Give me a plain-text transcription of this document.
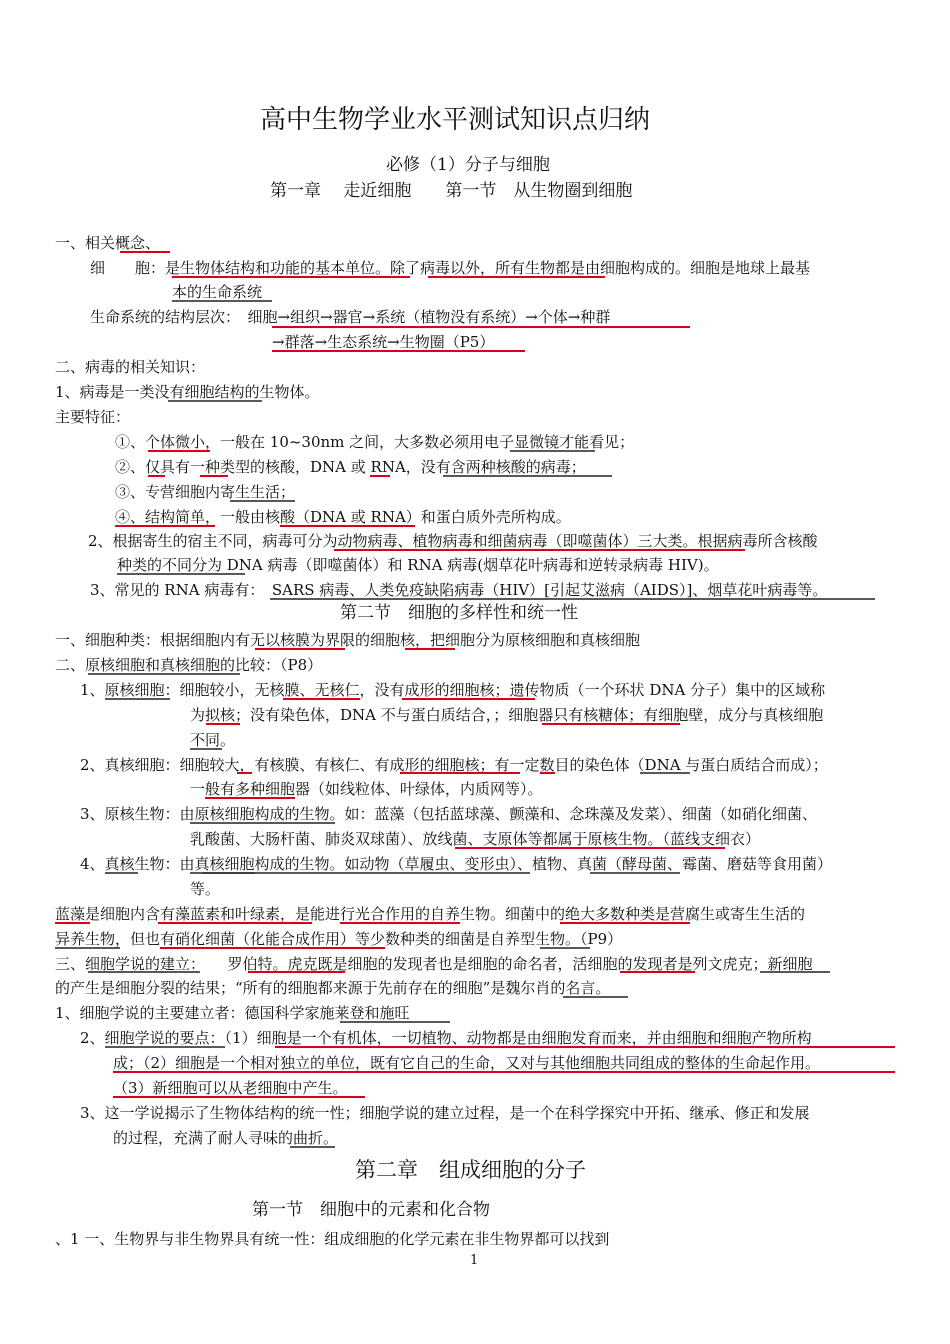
高中生物学业水平测试知识点归纳
必修（1）分子与细胞
第一章　 走近细胞　　第一节　从生物圈到细胞
一、相关概念、
细　　胞：是生物体结构和功能的基本单位。除了病毒以外，所有生物都是由细胞构成的。细胞是地球上最基
本的生命系统
生命系统的结构层次：　细胞→组织→器官→系统（植物没有系统）→个体→种群
→群落→生态系统→生物圈（P5）
二、病毒的相关知识：
1、病毒是一类没有细胞结构的生物体。
主要特征：
①、个体微小，一般在 10~30nm 之间，大多数必须用电子显微镜才能看见；
②、仅具有一种类型的核酸，DNA 或 RNA，没有含两种核酸的病毒；
③、专营细胞内寄生生活；
④、结构简单，一般由核酸（DNA 或 RNA）和蛋白质外壳所构成。
2、根据寄生的宿主不同，病毒可分为动物病毒、植物病毒和细菌病毒（即噬菌体）三大类。根据病毒所含核酸
种类的不同分为 DNA 病毒（即噬菌体）和 RNA 病毒(烟草花叶病毒和逆转录病毒 HIV)。
3、常见的 RNA 病毒有：　SARS 病毒、人类免疫缺陷病毒（HIV）[引起艾滋病（AIDS）]、烟草花叶病毒等。
第二节　细胞的多样性和统一性
一、细胞种类：根据细胞内有无以核膜为界限的细胞核，把细胞分为原核细胞和真核细胞
二、原核细胞和真核细胞的比较：（P8）
1、原核细胞：细胞较小，无核膜、无核仁，没有成形的细胞核；遗传物质（一个环状 DNA 分子）集中的区域称
为拟核；没有染色体，DNA 不与蛋白质结合，；细胞器只有核糖体；有细胞壁，成分与真核细胞
不同。
2、真核细胞：细胞较大，有核膜、有核仁、有成形的细胞核；有一定数目的染色体（DNA 与蛋白质结合而成）；
一般有多种细胞器（如线粒体、叶绿体，内质网等）。
3、原核生物：由原核细胞构成的生物。如：蓝藻（包括蓝球藻、颤藻和、念珠藻及发菜）、细菌（如硝化细菌、
乳酸菌、大肠杆菌、肺炎双球菌）、放线菌、支原体等都属于原核生物。（蓝线支细衣）
4、真核生物：由真核细胞构成的生物。如动物（草履虫、变形虫）、植物、真菌（酵母菌、霉菌、磨菇等食用菌）
等。
蓝藻是细胞内含有藻蓝素和叶绿素，是能进行光合作用的自养生物。细菌中的绝大多数种类是营腐生或寄生生活的
异养生物，但也有硝化细菌（化能合成作用）等少数种类的细菌是自养型生物。（P9）
三、细胞学说的建立：　　罗伯特。虎克既是细胞的发现者也是细胞的命名者，活细胞的发现者是列文虎克；新细胞
的产生是细胞分裂的结果；“所有的细胞都来源于先前存在的细胞”是魏尔肖的名言。
1、细胞学说的主要建立者：德国科学家施莱登和施旺
2、细胞学说的要点：（1）细胞是一个有机体，一切植物、动物都是由细胞发育而来，并由细胞和细胞产物所构
成；（2）细胞是一个相对独立的单位，既有它自己的生命，又对与其他细胞共同组成的整体的生命起作用。
（3）新细胞可以从老细胞中产生。
3、这一学说揭示了生物体结构的统一性；细胞学说的建立过程，是一个在科学探究中开拓、继承、修正和发展
的过程，充满了耐人寻味的曲折。
第二章　组成细胞的分子
第一节　细胞中的元素和化合物
、1 一、生物界与非生物界具有统一性：组成细胞的化学元素在非生物界都可以找到
1
